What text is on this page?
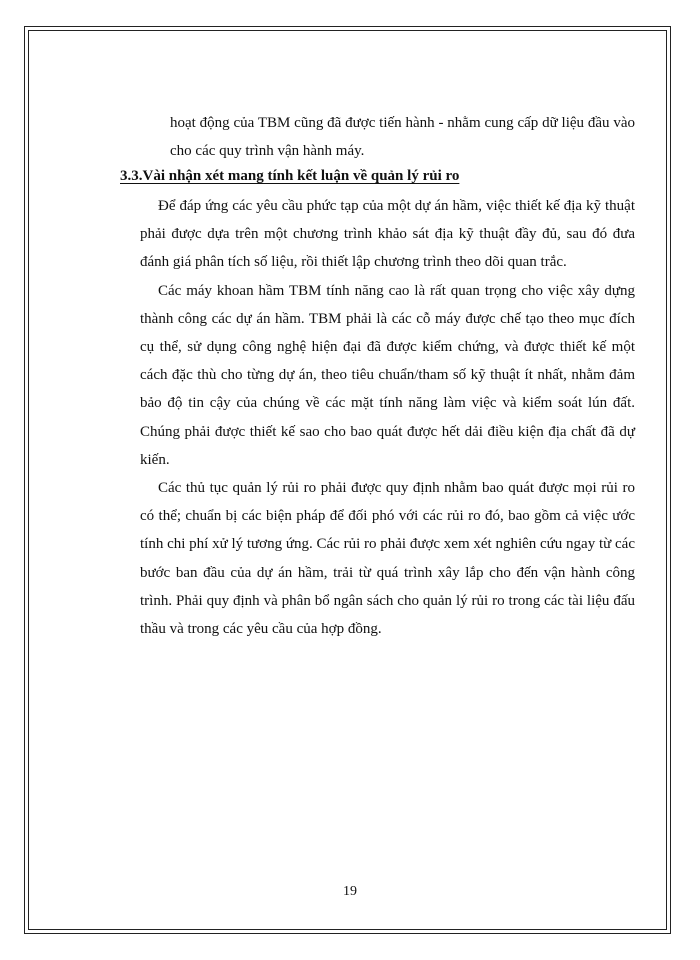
hoạt động của TBM cũng đã được tiến hành - nhằm cung cấp dữ liệu đầu vào cho các quy trình vận hành máy.
3.3.Vài nhận xét mang tính kết luận về quản lý rủi ro

Để đáp ứng các yêu cầu phức tạp của một dự án hầm, việc thiết kế địa kỹ thuật phải được dựa trên một chương trình khảo sát địa kỹ thuật đầy đủ, sau đó đưa đánh giá phân tích số liệu, rồi thiết lập chương trình theo dõi quan trắc.

Các máy khoan hầm TBM tính năng cao là rất quan trọng cho việc xây dựng thành công các dự án hầm. TBM phải là các cỗ máy được chế tạo theo mục đích cụ thể, sử dụng công nghệ hiện đại đã được kiểm chứng, và được thiết kế một cách đặc thù cho từng dự án, theo tiêu chuẩn/tham số kỹ thuật ít nhất, nhằm đảm bảo độ tin cậy của chúng về các mặt tính năng làm việc và kiểm soát lún đất. Chúng phải được thiết kế sao cho bao quát được hết dải điều kiện địa chất đã dự kiến.

Các thủ tục quản lý rủi ro phải được quy định nhằm bao quát được mọi rủi ro có thể; chuẩn bị các biện pháp để đối phó với các rủi ro đó, bao gồm cả việc ước tính chi phí xử lý tương ứng. Các rủi ro phải được xem xét nghiên cứu ngay từ các bước ban đầu của dự án hầm, trải từ quá trình xây lắp cho đến vận hành công trình. Phải quy định và phân bổ ngân sách cho quản lý rủi ro trong các tài liệu đấu thầu và trong các yêu cầu của hợp đồng.

19
